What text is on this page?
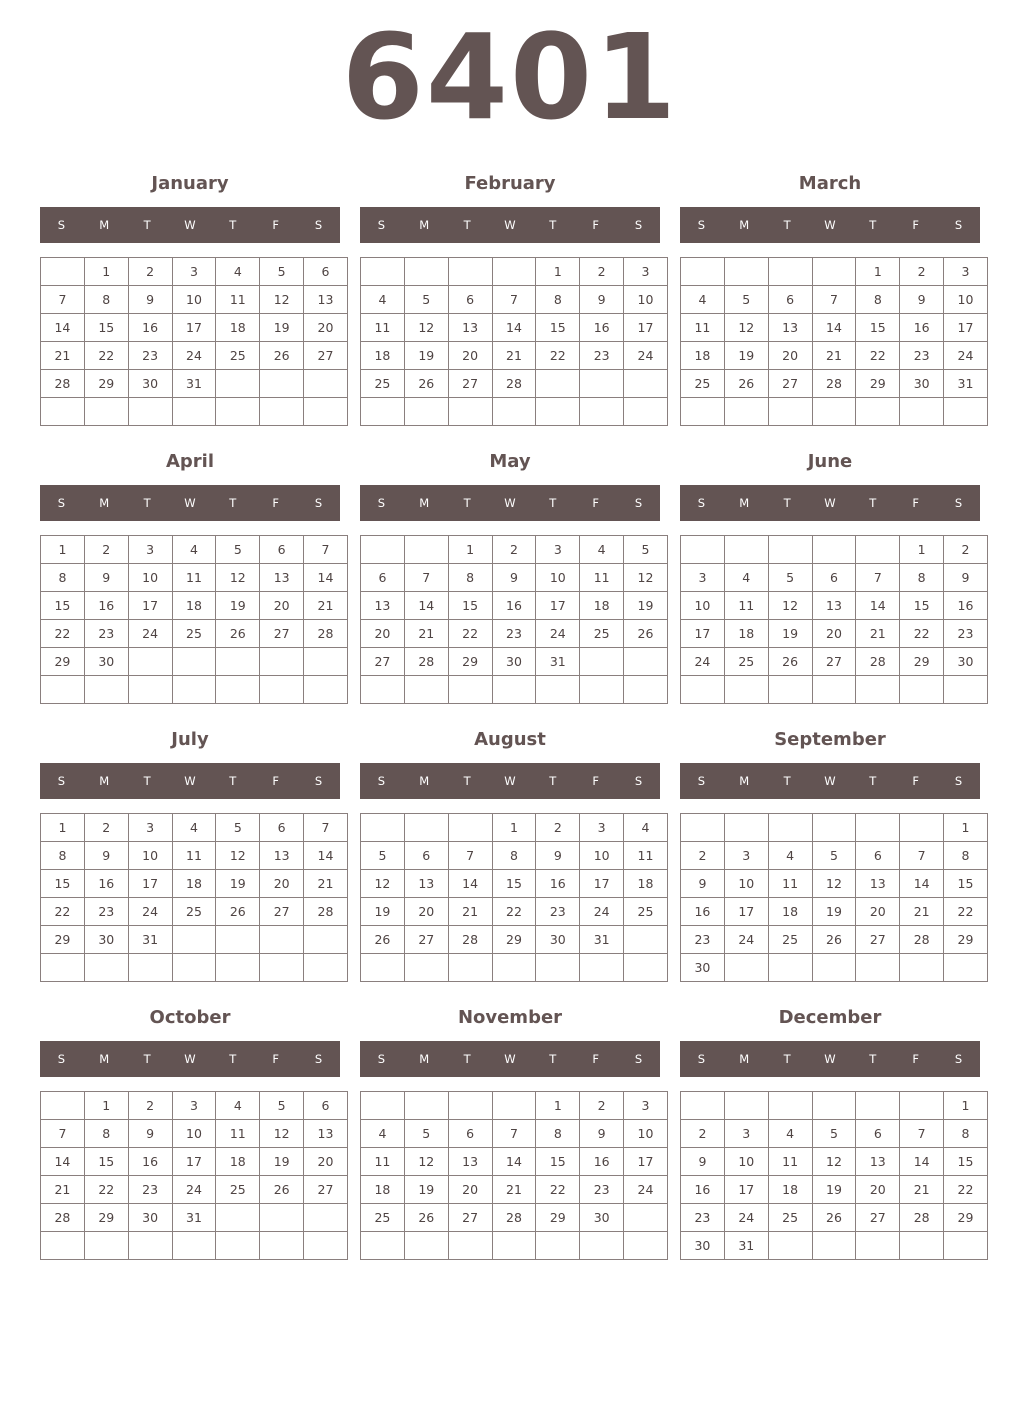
6401
January
S	M	T	W	T	F	S
	1	2	3	4	5	6
7	8	9	10	11	12	13
14	15	16	17	18	19	20
21	22	23	24	25	26	27
28	29	30	31			

February
S	M	T	W	T	F	S
				1	2	3
4	5	6	7	8	9	10
11	12	13	14	15	16	17
18	19	20	21	22	23	24
25	26	27	28			

March
S	M	T	W	T	F	S
				1	2	3
4	5	6	7	8	9	10
11	12	13	14	15	16	17
18	19	20	21	22	23	24
25	26	27	28	29	30	31

April
S	M	T	W	T	F	S
1	2	3	4	5	6	7
8	9	10	11	12	13	14
15	16	17	18	19	20	21
22	23	24	25	26	27	28
29	30					

May
S	M	T	W	T	F	S
		1	2	3	4	5
6	7	8	9	10	11	12
13	14	15	16	17	18	19
20	21	22	23	24	25	26
27	28	29	30	31		

June
S	M	T	W	T	F	S
					1	2
3	4	5	6	7	8	9
10	11	12	13	14	15	16
17	18	19	20	21	22	23
24	25	26	27	28	29	30

July
S	M	T	W	T	F	S
1	2	3	4	5	6	7
8	9	10	11	12	13	14
15	16	17	18	19	20	21
22	23	24	25	26	27	28
29	30	31				

August
S	M	T	W	T	F	S
			1	2	3	4
5	6	7	8	9	10	11
12	13	14	15	16	17	18
19	20	21	22	23	24	25
26	27	28	29	30	31	

September
S	M	T	W	T	F	S
						1
2	3	4	5	6	7	8
9	10	11	12	13	14	15
16	17	18	19	20	21	22
23	24	25	26	27	28	29
30						
October
S	M	T	W	T	F	S
	1	2	3	4	5	6
7	8	9	10	11	12	13
14	15	16	17	18	19	20
21	22	23	24	25	26	27
28	29	30	31			

November
S	M	T	W	T	F	S
				1	2	3
4	5	6	7	8	9	10
11	12	13	14	15	16	17
18	19	20	21	22	23	24
25	26	27	28	29	30	

December
S	M	T	W	T	F	S
						1
2	3	4	5	6	7	8
9	10	11	12	13	14	15
16	17	18	19	20	21	22
23	24	25	26	27	28	29
30	31					
